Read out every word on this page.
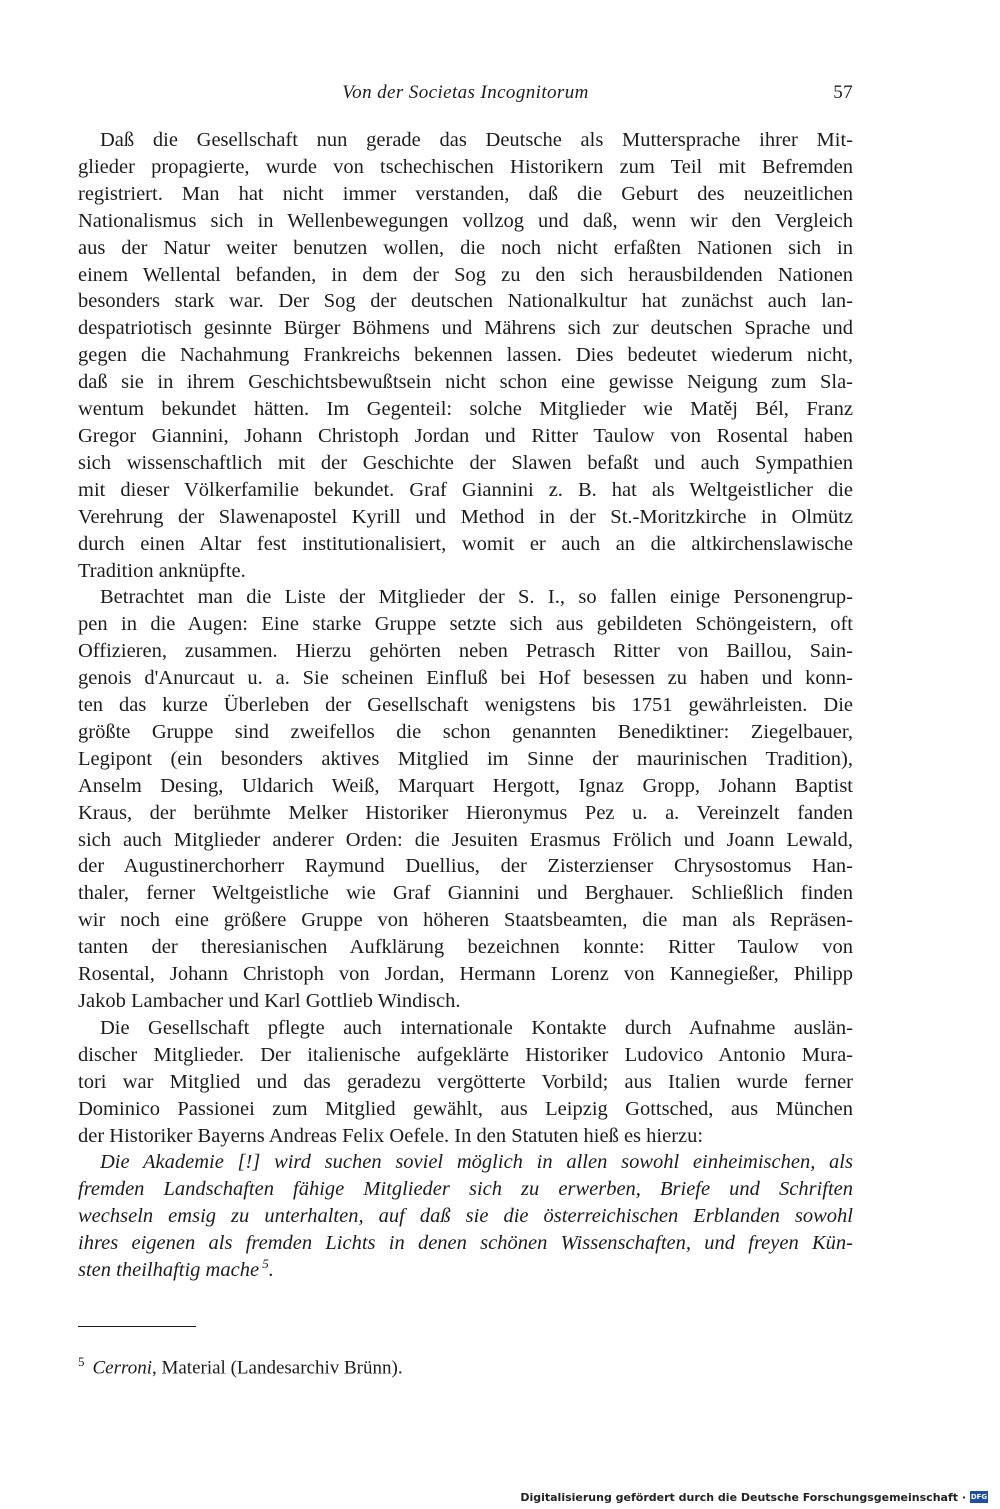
Von der Societas Incognitorum	57

Daß die Gesellschaft nun gerade das Deutsche als Muttersprache ihrer Mit-
glieder propagierte, wurde von tschechischen Historikern zum Teil mit Befremden
registriert. Man hat nicht immer verstanden, daß die Geburt des neuzeitlichen
Nationalismus sich in Wellenbewegungen vollzog und daß, wenn wir den Vergleich
aus der Natur weiter benutzen wollen, die noch nicht erfaßten Nationen sich in
einem Wellental befanden, in dem der Sog zu den sich herausbildenden Nationen
besonders stark war. Der Sog der deutschen Nationalkultur hat zunächst auch lan-
despatriotisch gesinnte Bürger Böhmens und Mährens sich zur deutschen Sprache und
gegen die Nachahmung Frankreichs bekennen lassen. Dies bedeutet wiederum nicht,
daß sie in ihrem Geschichtsbewußtsein nicht schon eine gewisse Neigung zum Sla-
wentum bekundet hätten. Im Gegenteil: solche Mitglieder wie Matěj Bél, Franz
Gregor Giannini, Johann Christoph Jordan und Ritter Taulow von Rosental haben
sich wissenschaftlich mit der Geschichte der Slawen befaßt und auch Sympathien
mit dieser Völkerfamilie bekundet. Graf Giannini z. B. hat als Weltgeistlicher die
Verehrung der Slawenapostel Kyrill und Method in der St.-Moritzkirche in Olmütz
durch einen Altar fest institutionalisiert, womit er auch an die altkirchenslawische
Tradition anknüpfte.

Betrachtet man die Liste der Mitglieder der S. I., so fallen einige Personengrup-
pen in die Augen: Eine starke Gruppe setzte sich aus gebildeten Schöngeistern, oft
Offizieren, zusammen. Hierzu gehörten neben Petrasch Ritter von Baillou, Sain-
genois d'Anurcaut u. a. Sie scheinen Einfluß bei Hof besessen zu haben und konn-
ten das kurze Überleben der Gesellschaft wenigstens bis 1751 gewährleisten. Die
größte Gruppe sind zweifellos die schon genannten Benediktiner: Ziegelbauer,
Legipont (ein besonders aktives Mitglied im Sinne der maurinischen Tradition),
Anselm Desing, Uldarich Weiß, Marquart Hergott, Ignaz Gropp, Johann Baptist
Kraus, der berühmte Melker Historiker Hieronymus Pez u. a. Vereinzelt fanden
sich auch Mitglieder anderer Orden: die Jesuiten Erasmus Frölich und Joann Lewald,
der Augustinerchorherr Raymund Duellius, der Zisterzienser Chrysostomus Han-
thaler, ferner Weltgeistliche wie Graf Giannini und Berghauer. Schließlich finden
wir noch eine größere Gruppe von höheren Staatsbeamten, die man als Repräsen-
tanten der theresianischen Aufklärung bezeichnen konnte: Ritter Taulow von
Rosental, Johann Christoph von Jordan, Hermann Lorenz von Kannegießer, Philipp
Jakob Lambacher und Karl Gottlieb Windisch.

Die Gesellschaft pflegte auch internationale Kontakte durch Aufnahme auslän-
discher Mitglieder. Der italienische aufgeklärte Historiker Ludovico Antonio Mura-
tori war Mitglied und das geradezu vergötterte Vorbild; aus Italien wurde ferner
Dominico Passionei zum Mitglied gewählt, aus Leipzig Gottsched, aus München
der Historiker Bayerns Andreas Felix Oefele. In den Statuten hieß es hierzu:

Die Akademie [!] wird suchen soviel möglich in allen sowohl einheimischen, als
fremden Landschaften fähige Mitglieder sich zu erwerben, Briefe und Schriften
wechseln emsig zu unterhalten, auf daß sie die österreichischen Erblanden sowohl
ihres eigenen als fremden Lichts in denen schönen Wissenschaften, und freyen Kün-
sten theilhaftig mache $^5$.

$^5$ Cerroni, Material (Landesarchiv Brünn).
Digitalisierung gefördert durch die Deutsche Forschungsgemeinschaft · DFG
